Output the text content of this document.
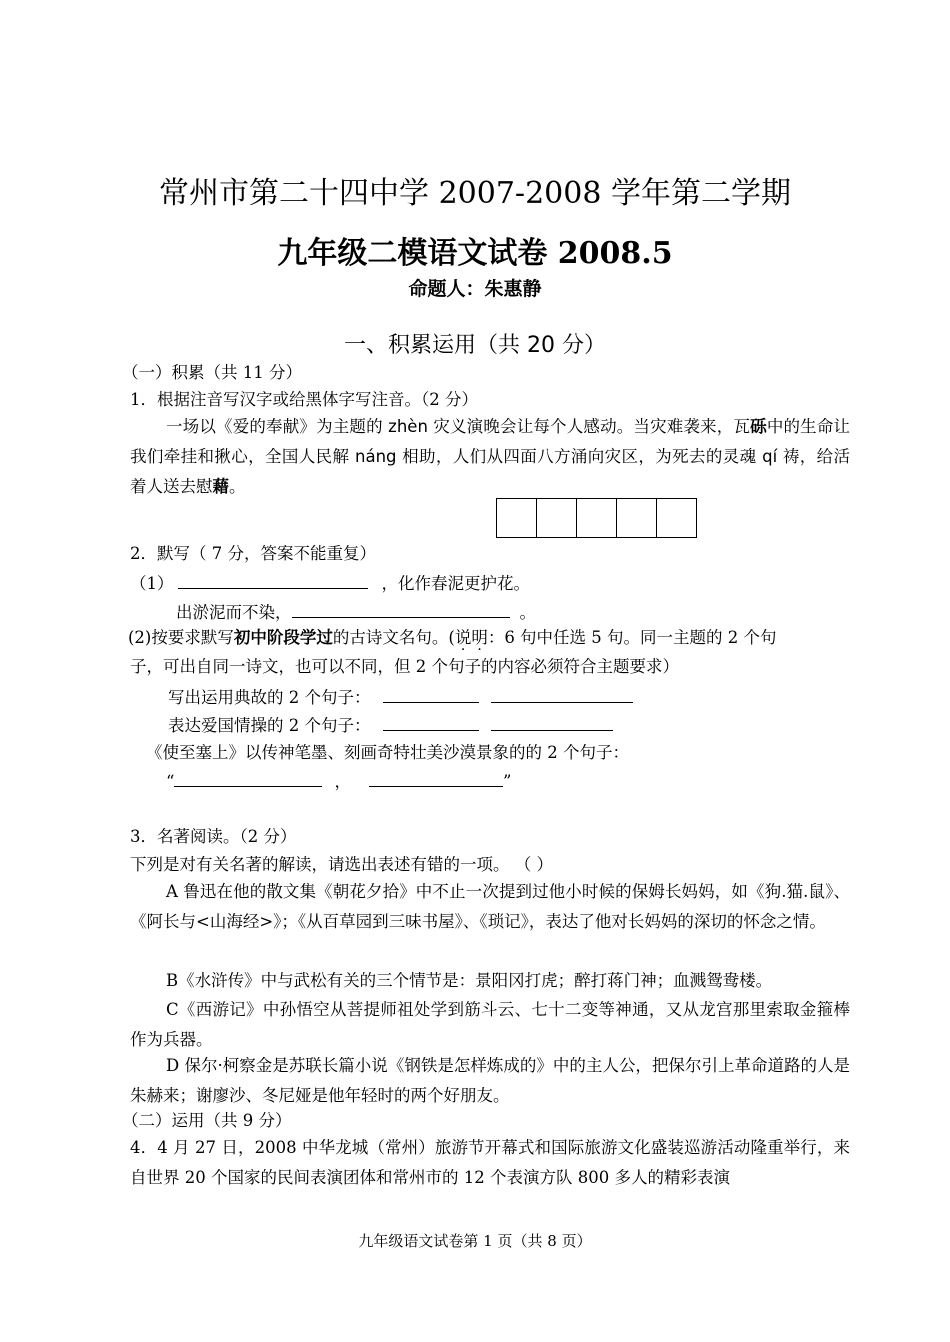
常州市第二十四中学 2007-2008 学年第二学期
九年级二模语文试卷 2008.5
命题人：朱惠静
一、积累运用（共 20 分）
（一）积累（共 11 分）
1．根据注音写汉字或给黑体字写注音。（2 分）
一场以《爱的奉献》为主题的 zhèn 灾义演晚会让每个人感动。当灾难袭来，瓦砾中的生命让我们牵挂和揪心，全国人民解 náng 相助，人们从四面八方涌向灾区，为死去的灵魂 qí 祷，给活着人送去慰藉。
2．默写（ 7 分，答案不能重复）
（1）	，化作春泥更护花。
出淤泥而不染，	。
(2)按要求默写初中阶段学过的古诗文名句。(说明：6 句中任选 5 句。同一主题的 2 个句
子，可出自同一诗文，也可以不同，但 2 个句子的内容必须符合主题要求）
写出运用典故的 2 个句子：
表达爱国情操的 2 个句子：
《使至塞上》以传神笔墨、刻画奇特壮美沙漠景象的的 2 个句子：
“	，	”
3．名著阅读。（2 分）
下列是对有关名著的解读，请选出表述有错的一项。 （ ）
A 鲁迅在他的散文集《朝花夕拾》中不止一次提到过他小时候的保姆长妈妈，如《狗.猫.鼠》、《阿长与<山海经>》；《从百草园到三味书屋》、《琐记》，表达了他对长妈妈的深切的怀念之情。
B《水浒传》中与武松有关的三个情节是：景阳冈打虎；醉打蒋门神；血溅鸳鸯楼。
C《西游记》中孙悟空从菩提师祖处学到筋斗云、七十二变等神通，又从龙宫那里索取金箍棒作为兵器。
D 保尔·柯察金是苏联长篇小说《钢铁是怎样炼成的》中的主人公，把保尔引上革命道路的人是朱赫来；谢廖沙、冬尼娅是他年轻时的两个好朋友。
（二）运用（共 9 分）
4．4 月 27 日，2008 中华龙城（常州）旅游节开幕式和国际旅游文化盛装巡游活动隆重举行，来自世界 20 个国家的民间表演团体和常州市的 12 个表演方队 800 多人的精彩表演
九年级语文试卷第 1 页（共 8 页）
